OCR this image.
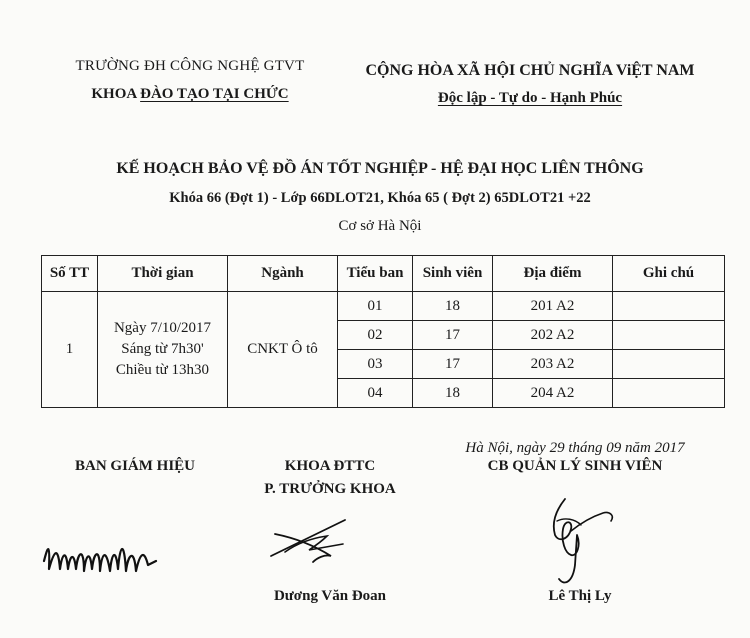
TRƯỜNG ĐH CÔNG NGHỆ GTVT
KHOA ĐÀO TẠO TẠI CHỨC
CỘNG HÒA XÃ HỘI CHỦ NGHĨA ViỆT NAM
Độc lập - Tự do - Hạnh Phúc
KẾ HOẠCH BẢO VỆ ĐỒ ÁN TỐT NGHIỆP - HỆ ĐẠI HỌC LIÊN THÔNG
Khóa 66 (Đợt 1) - Lớp 66DLOT21, Khóa 65 ( Đợt 2) 65DLOT21 +22
Cơ sở Hà Nội
Số TT	Thời gian	Ngành	Tiểu ban	Sinh viên	Địa điểm	Ghi chú
1	Ngày 7/10/2017
Sáng từ 7h30'
Chiều từ 13h30	CNKT Ô tô	01	18	201 A2	
			02	17	202 A2	
			03	17	203 A2	
			04	18	204 A2	
Hà Nội, ngày 29 tháng 09 năm 2017
BAN GIÁM HIỆU	KHOA ĐTTC
P. TRƯỞNG KHOA
CB QUẢN LÝ SINH VIÊN
Dương Văn Đoan	Lê Thị Ly
